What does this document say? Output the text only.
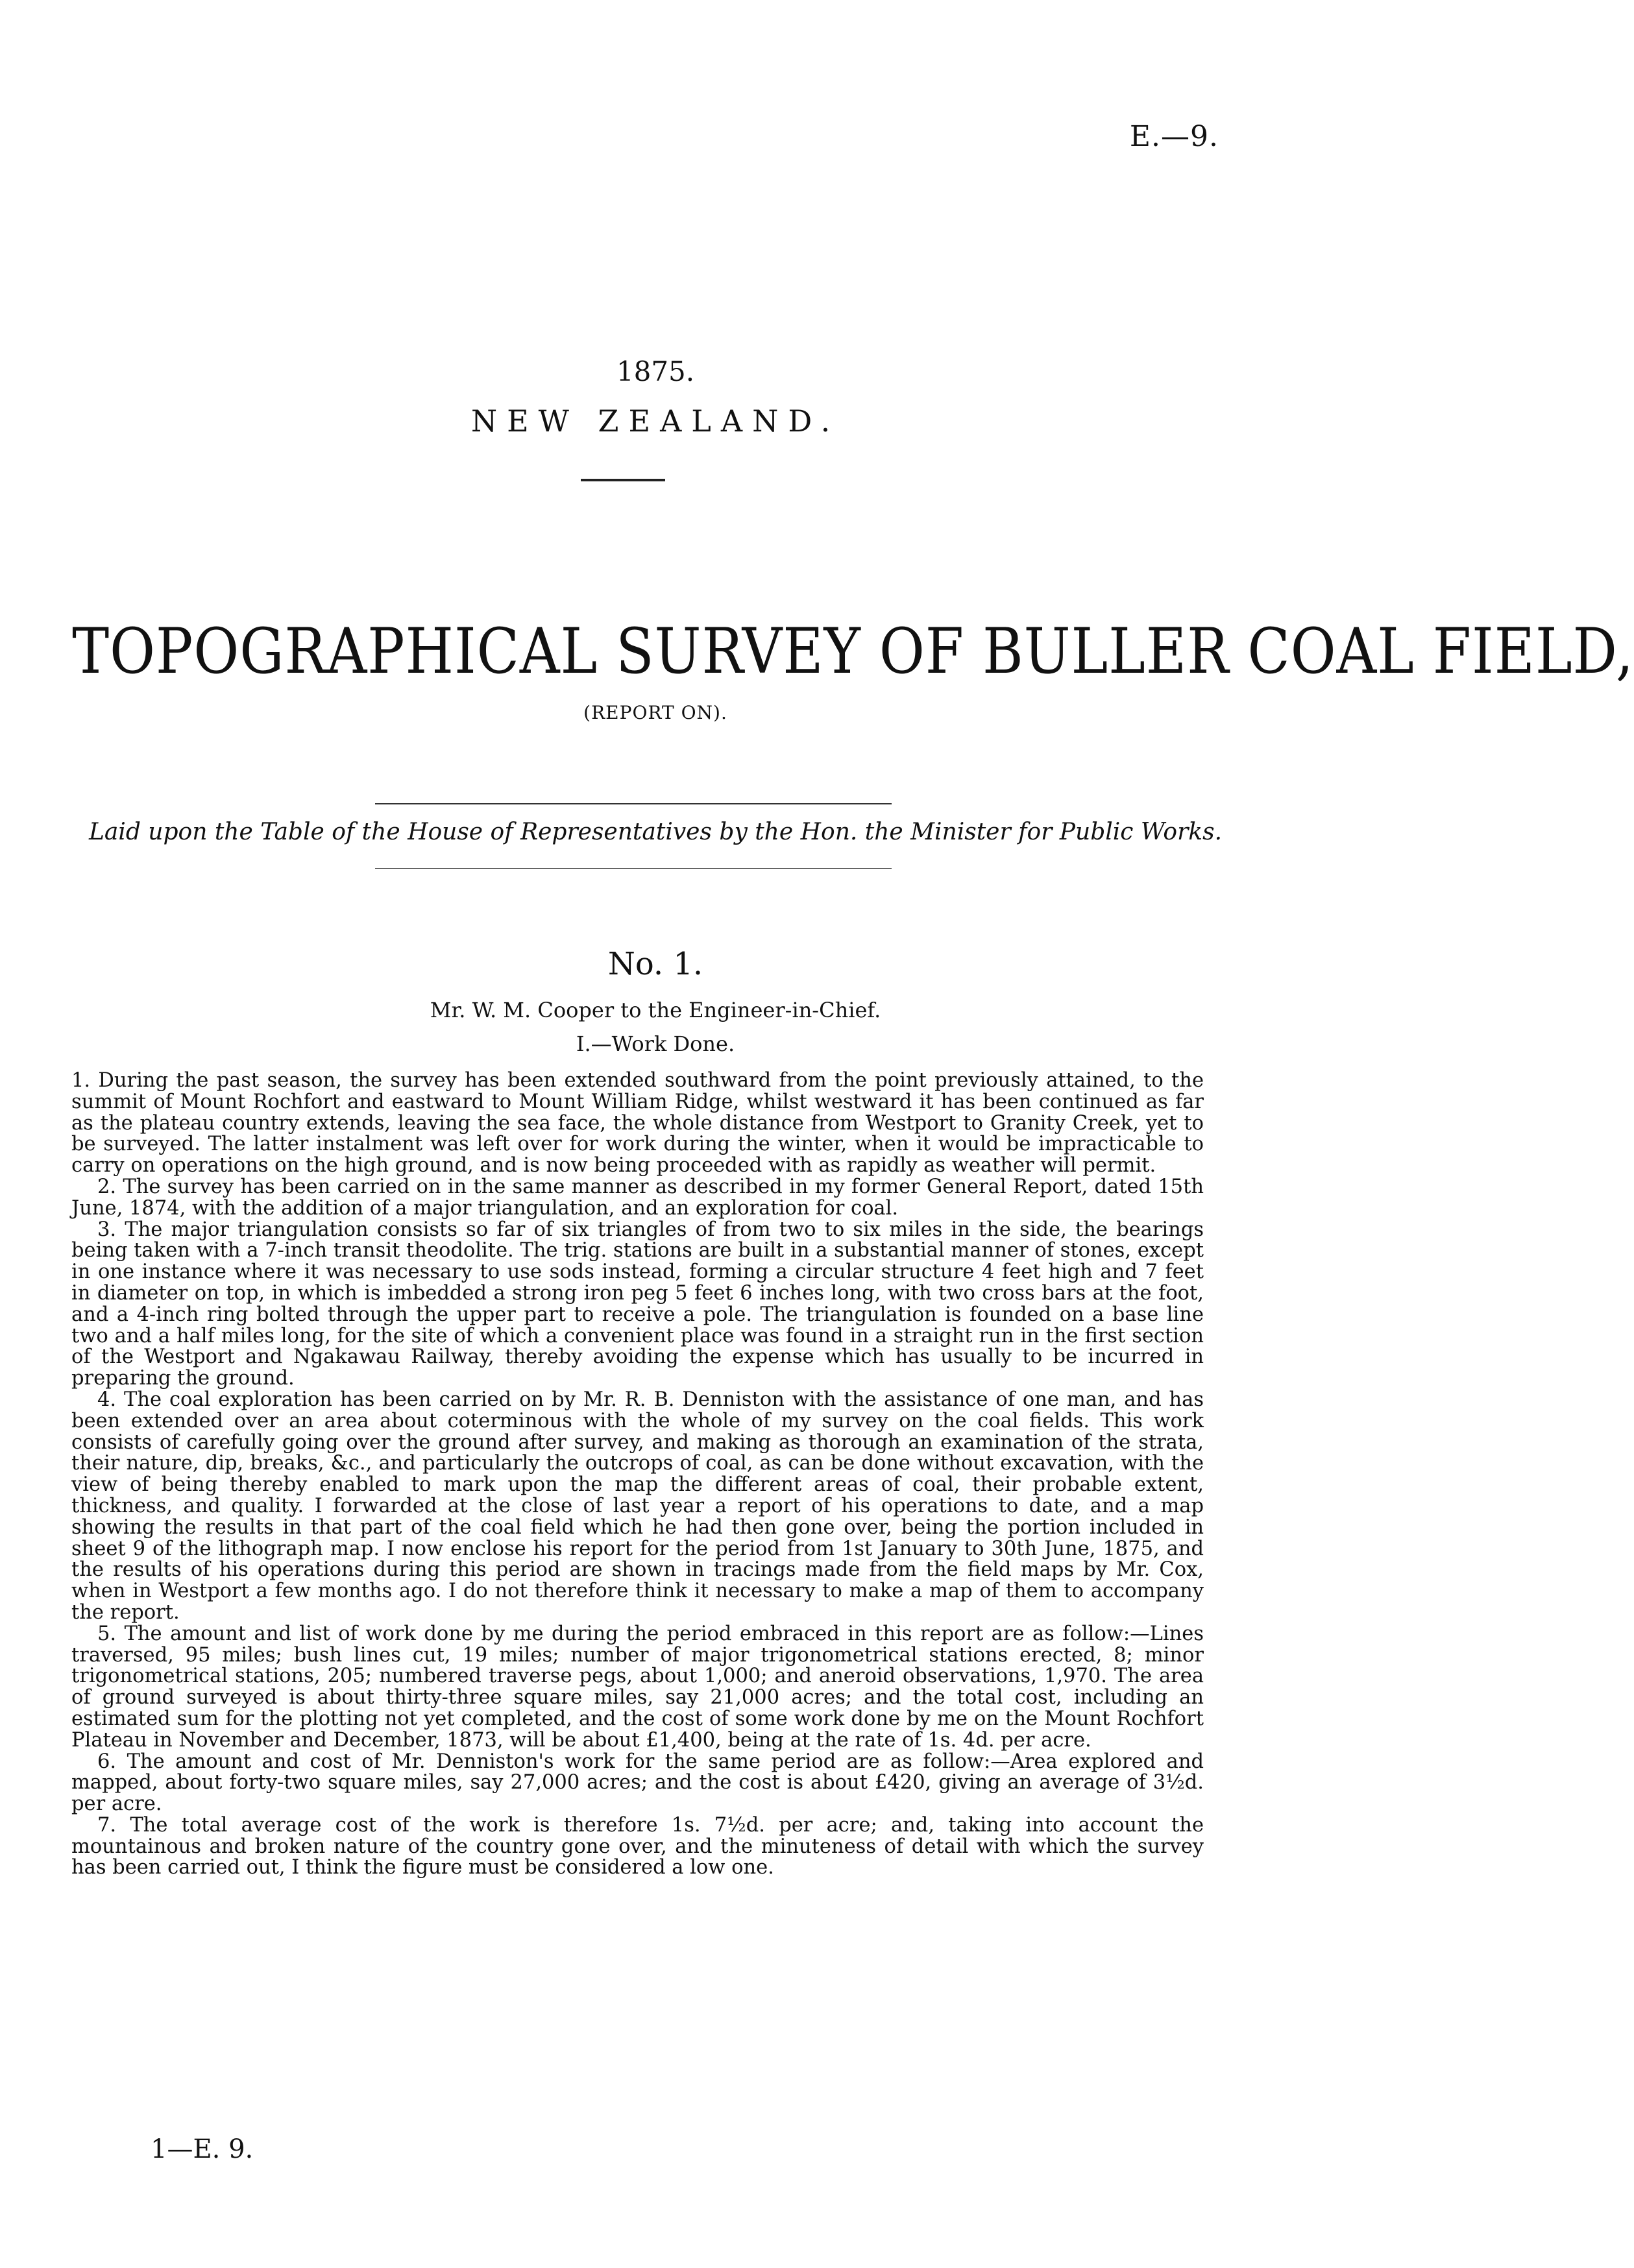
E.—9.
1875.
NEW ZEALAND.
TOPOGRAPHICAL SURVEY OF BULLER COAL FIELD,
(REPORT ON).
Laid upon the Table of the House of Representatives by the Hon. the Minister for Public Works.
No. 1.
Mr. W. M. Cooper to the Engineer-in-Chief.
I.—Work Done.

1. During the past season, the survey has been extended southward from the point previously attained, to the summit of Mount Rochfort and eastward to Mount William Ridge, whilst westward it has been continued as far as the plateau country extends, leaving the sea face, the whole distance from Westport to Granity Creek, yet to be surveyed. The latter instalment was left over for work during the winter, when it would be impracticable to carry on operations on the high ground, and is now being proceeded with as rapidly as weather will permit.

2. The survey has been carried on in the same manner as described in my former General Report, dated 15th June, 1874, with the addition of a major triangulation, and an exploration for coal.

3. The major triangulation consists so far of six triangles of from two to six miles in the side, the bearings being taken with a 7-inch transit theodolite. The trig. stations are built in a substantial manner of stones, except in one instance where it was necessary to use sods instead, forming a circular structure 4 feet high and 7 feet in diameter on top, in which is imbedded a strong iron peg 5 feet 6 inches long, with two cross bars at the foot, and a 4-inch ring bolted through the upper part to receive a pole. The triangulation is founded on a base line two and a half miles long, for the site of which a convenient place was found in a straight run in the first section of the Westport and Ngakawau Railway, thereby avoiding the expense which has usually to be incurred in preparing the ground.

4. The coal exploration has been carried on by Mr. R. B. Denniston with the assistance of one man, and has been extended over an area about coterminous with the whole of my survey on the coal fields. This work consists of carefully going over the ground after survey, and making as thorough an examination of the strata, their nature, dip, breaks, &c., and particularly the outcrops of coal, as can be done without excavation, with the view of being thereby enabled to mark upon the map the different areas of coal, their probable extent, thickness, and quality. I forwarded at the close of last year a report of his operations to date, and a map showing the results in that part of the coal field which he had then gone over, being the portion included in sheet 9 of the lithograph map. I now enclose his report for the period from 1st January to 30th June, 1875, and the results of his operations during this period are shown in tracings made from the field maps by Mr. Cox, when in Westport a few months ago. I do not therefore think it necessary to make a map of them to accompany the report.

5. The amount and list of work done by me during the period embraced in this report are as follow:—Lines traversed, 95 miles; bush lines cut, 19 miles; number of major trigonometrical stations erected, 8; minor trigonometrical stations, 205; numbered traverse pegs, about 1,000; and aneroid observations, 1,970. The area of ground surveyed is about thirty-three square miles, say 21,000 acres; and the total cost, including an estimated sum for the plotting not yet completed, and the cost of some work done by me on the Mount Rochfort Plateau in November and December, 1873, will be about £1,400, being at the rate of 1s. 4d. per acre.

6. The amount and cost of Mr. Denniston's work for the same period are as follow:—Area explored and mapped, about forty-two square miles, say 27,000 acres; and the cost is about £420, giving an average of 3½d. per acre.

7. The total average cost of the work is therefore 1s. 7½d. per acre; and, taking into account the mountainous and broken nature of the country gone over, and the minuteness of detail with which the survey has been carried out, I think the figure must be considered a low one.

1—E. 9.
